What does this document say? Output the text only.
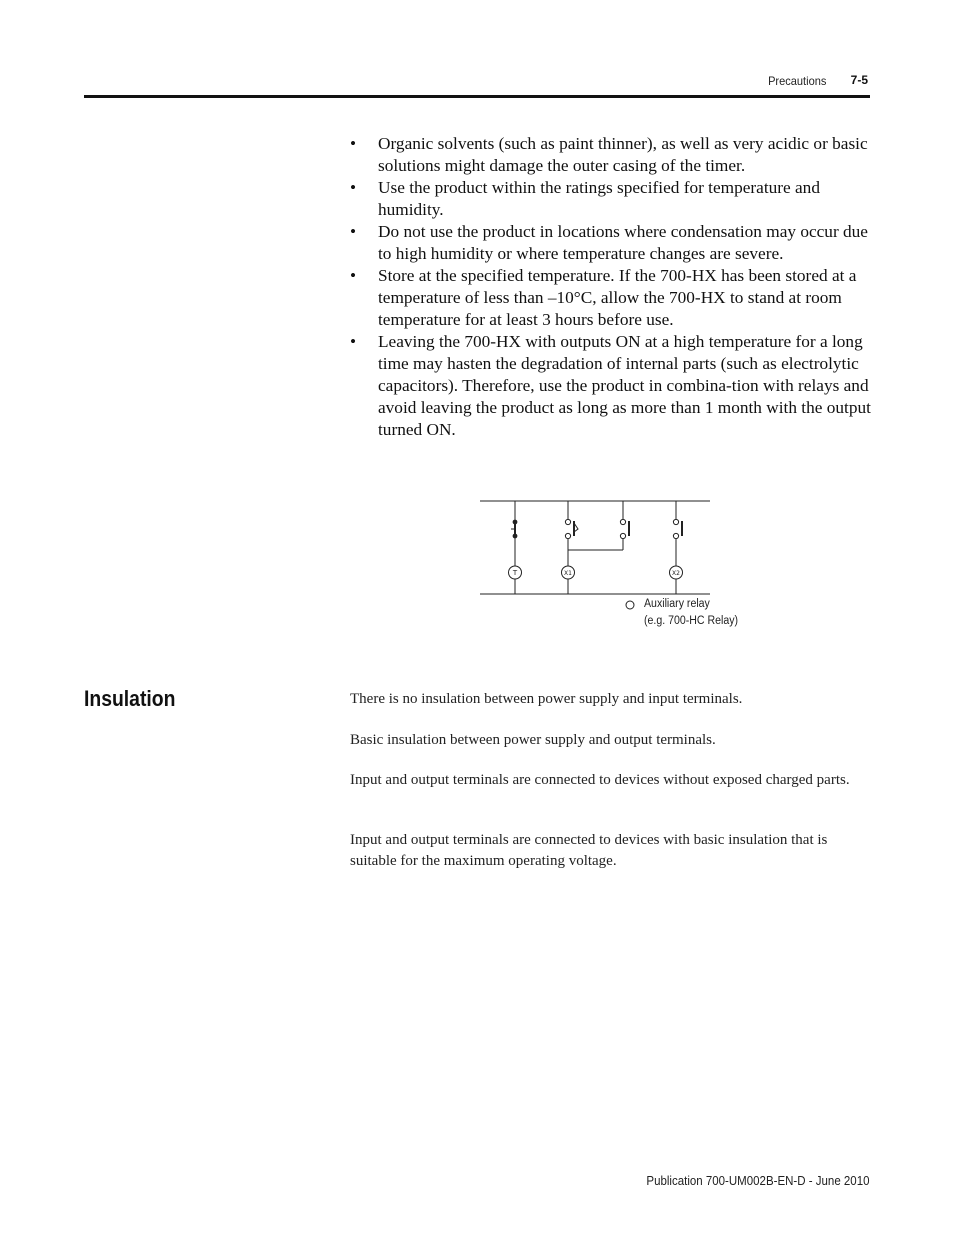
Precautions 7-5
• Organic solvents (such as paint thinner), as well as very acidic or basic solutions might damage the outer casing of the timer.
• Use the product within the ratings specified for temperature and humidity.
• Do not use the product in locations where condensation may occur due to high humidity or where temperature changes are severe.
• Store at the specified temperature. If the 700-HX has been stored at a temperature of less than –10°C, allow the 700-HX to stand at room temperature for at least 3 hours before use.
• Leaving the 700-HX with outputs ON at a high temperature for a long time may hasten the degradation of internal parts (such as electrolytic capacitors). Therefore, use the product in combina-tion with relays and avoid leaving the product as long as more than 1 month with the output turned ON.
T	X1	X2
Auxiliary relay
(e.g. 700-HC Relay)
Insulation	There is no insulation between power supply and input terminals.

Basic insulation between power supply and output terminals.

Input and output terminals are connected to devices without exposed charged parts.

Input and output terminals are connected to devices with basic insulation that is suitable for the maximum operating voltage.

Publication 700-UM002B-EN-D - June 2010
